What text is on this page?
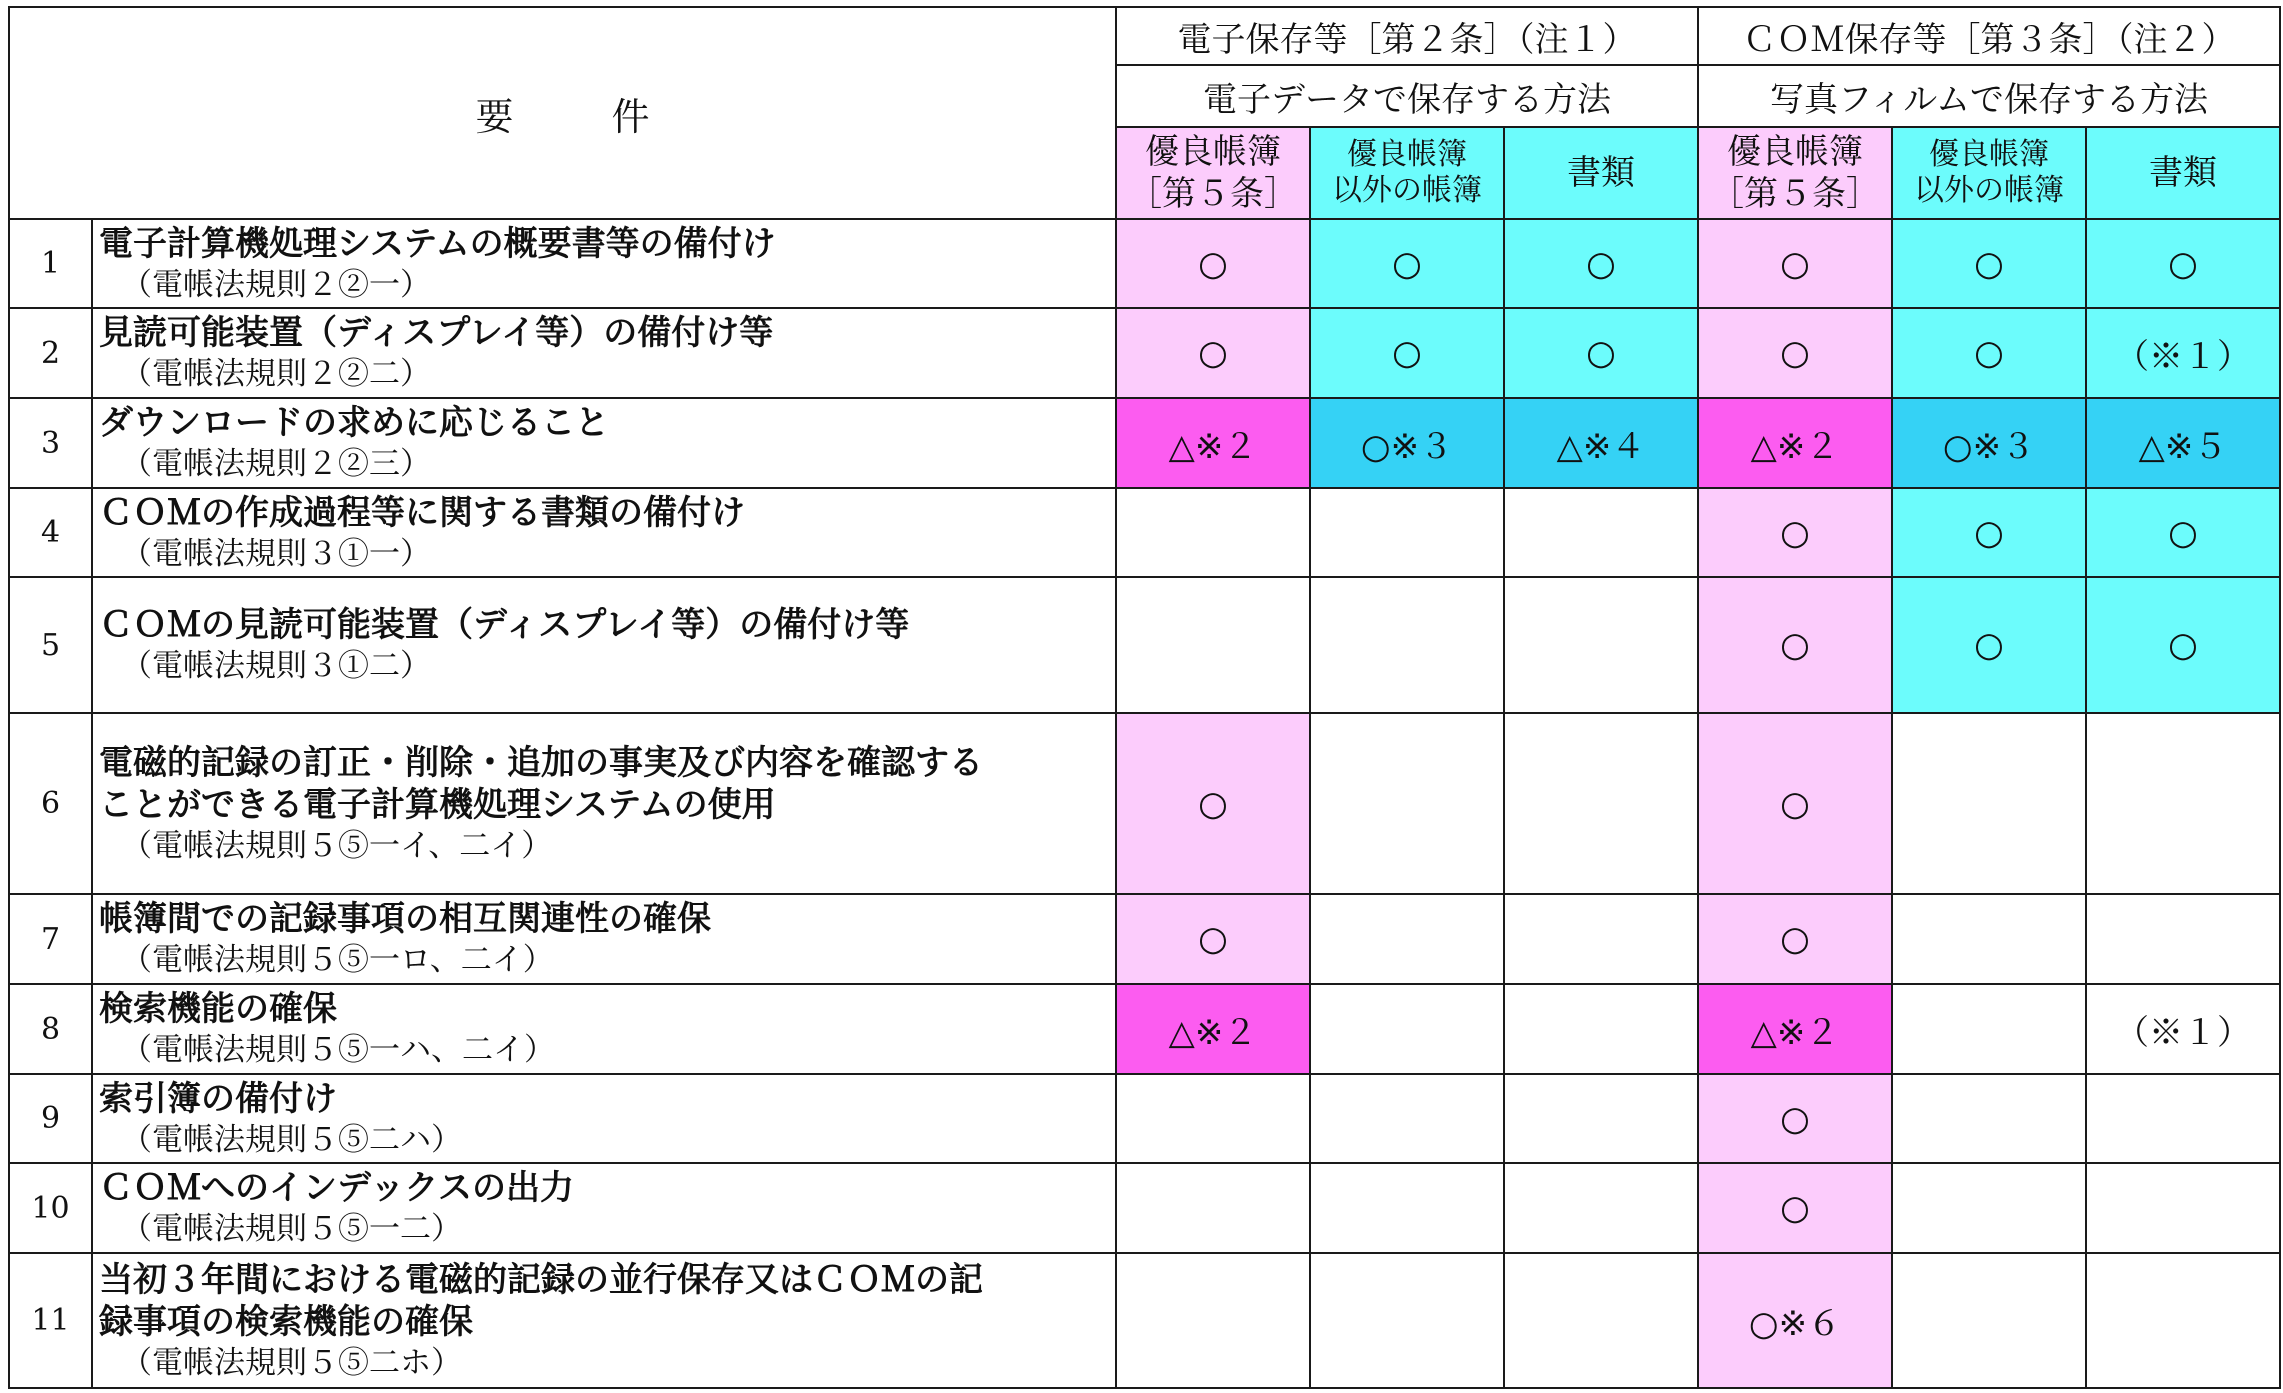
要　件		電子保存等［第２条］（注１）			ＣＯＭ保存等［第３条］（注２）		
		電子データで保存する方法			写真フィルムで保存する方法		
		優良帳簿
［第５条］	優良帳簿
以外の帳簿	書類	優良帳簿
［第５条］	優良帳簿
以外の帳簿	書類
1	電子計算機処理システムの概要書等の備付け
（電帳法規則２②一）	○	○	○	○	○	○
2	見読可能装置（ディスプレイ等）の備付け等
（電帳法規則２②二）	○	○	○	○	○	（※１）
3	ダウンロードの求めに応じること
（電帳法規則２②三）	△※２	○※３	△※４	△※２	○※３	△※５
4	ＣＯＭの作成過程等に関する書類の備付け
（電帳法規則３①一）				○	○	○
5	ＣＯＭの見読可能装置（ディスプレイ等）の備付け等
（電帳法規則３①二）				○	○	○
6	電磁的記録の訂正・削除・追加の事実及び内容を確認する
ことができる電子計算機処理システムの使用
（電帳法規則５⑤一イ、二イ）	○			○		
7	帳簿間での記録事項の相互関連性の確保
（電帳法規則５⑤一ロ、二イ）	○			○		
8	検索機能の確保
（電帳法規則５⑤一ハ、二イ）	△※２			△※２		（※１）
9	索引簿の備付け
（電帳法規則５⑤二ハ）				○		
10	ＣＯＭへのインデックスの出力
（電帳法規則５⑤一二）				○		
11	当初３年間における電磁的記録の並行保存又はＣＯＭの記
録事項の検索機能の確保
（電帳法規則５⑤二ホ）				○※６		
